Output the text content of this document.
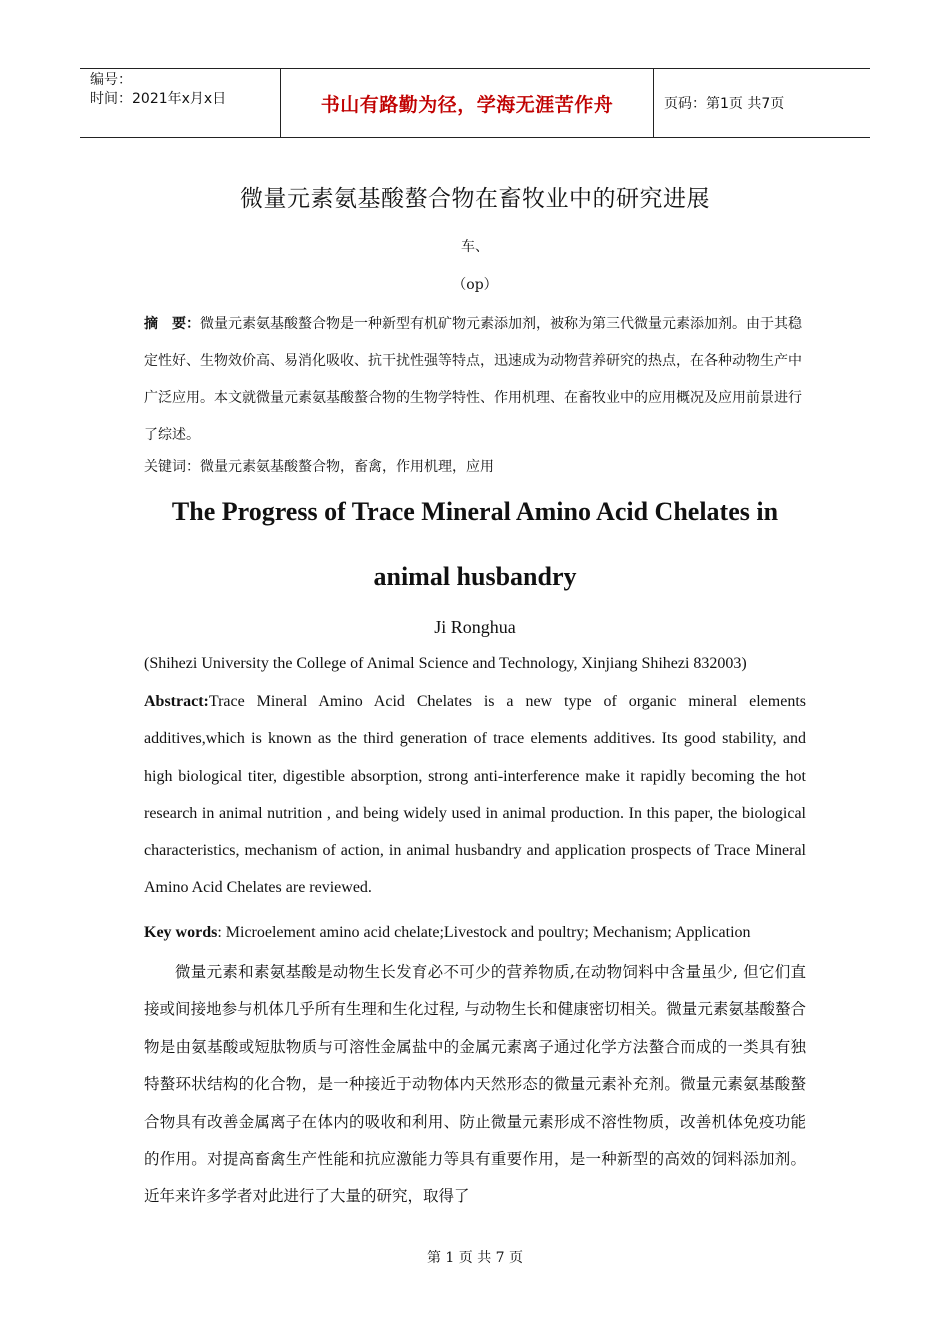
编号：
时间：2021年x月x日	书山有路勤为径，学海无涯苦作舟	页码：第1页 共7页
微量元素氨基酸螯合物在畜牧业中的研究进展
车、
（op）
摘　要：微量元素氨基酸螯合物是一种新型有机矿物元素添加剂，被称为第三代微量元素添加剂。由于其稳定性好、生物效价高、易消化吸收、抗干扰性强等特点，迅速成为动物营养研究的热点，在各种动物生产中广泛应用。本文就微量元素氨基酸螯合物的生物学特性、作用机理、在畜牧业中的应用概况及应用前景进行了综述。
关键词：微量元素氨基酸螯合物，畜禽，作用机理，应用
The Progress of Trace Mineral Amino Acid Chelates in
animal husbandry
Ji Ronghua
(Shihezi University the College of Animal Science and Technology, Xinjiang Shihezi 832003)
Abstract:Trace Mineral Amino Acid Chelates is a new type of organic mineral elements additives,which is known as the third generation of trace elements additives. Its good stability, and high biological titer, digestible absorption, strong anti-interference make it rapidly becoming the hot research in animal nutrition , and being widely used in animal production. In this paper, the biological characteristics, mechanism of action, in animal husbandry and application prospects of Trace Mineral Amino Acid Chelates are reviewed.
Key words: Microelement amino acid chelate;Livestock and poultry; Mechanism; Application
微量元素和素氨基酸是动物生长发育必不可少的营养物质,在动物饲料中含量虽少, 但它们直接或间接地参与机体几乎所有生理和生化过程, 与动物生长和健康密切相关。微量元素氨基酸螯合物是由氨基酸或短肽物质与可溶性金属盐中的金属元素离子通过化学方法螯合而成的一类具有独特螯环状结构的化合物，是一种接近于动物体内天然形态的微量元素补充剂。微量元素氨基酸螯合物具有改善金属离子在体内的吸收和利用、防止微量元素形成不溶性物质，改善机体免疫功能的作用。对提高畜禽生产性能和抗应激能力等具有重要作用，是一种新型的高效的饲料添加剂。近年来许多学者对此进行了大量的研究，取得了
第 1 页 共 7 页
